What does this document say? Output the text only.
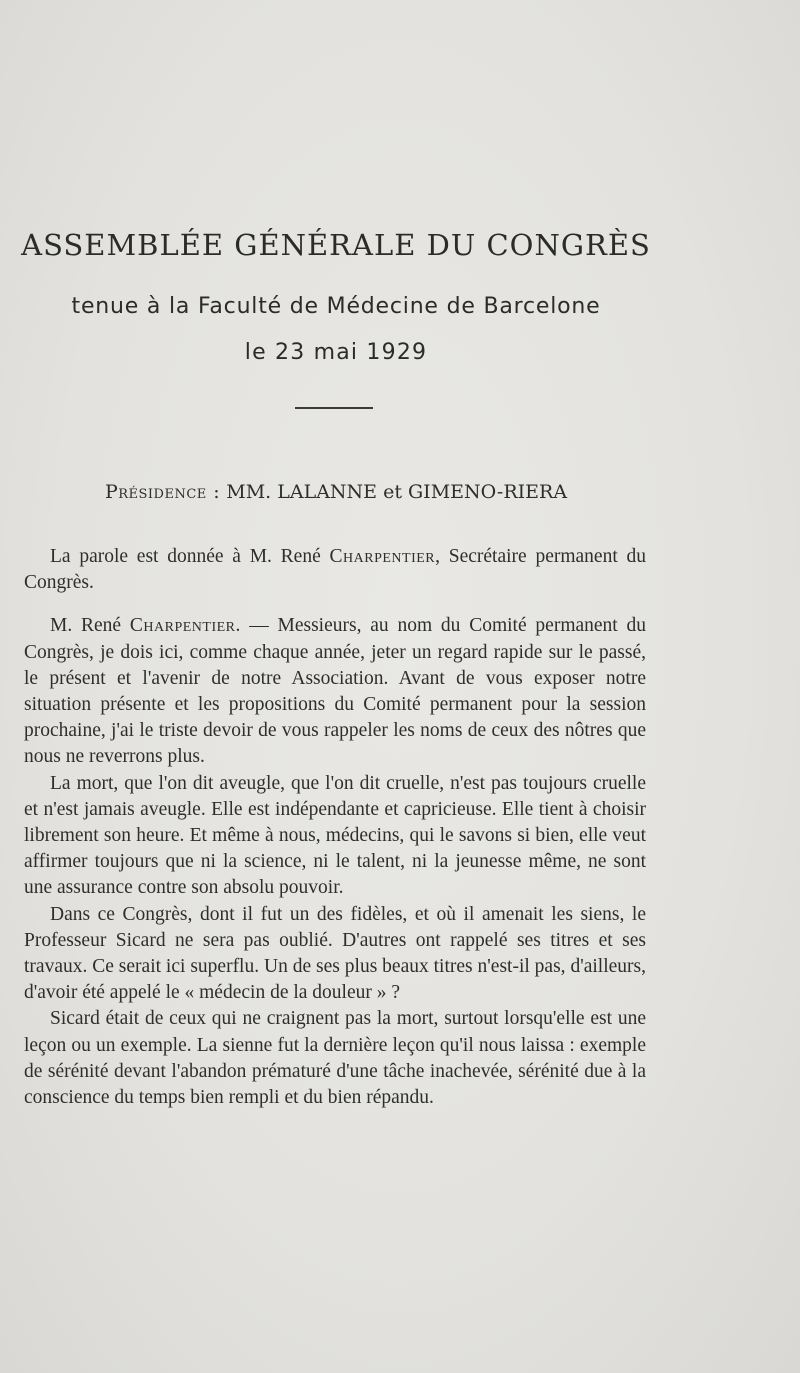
ASSEMBLÉE GÉNÉRALE DU CONGRÈS
tenue à la Faculté de Médecine de Barcelone
le 23 mai 1929
Présidence : MM. LALANNE et GIMENO-RIERA

La parole est donnée à M. René Charpentier, Secrétaire permanent du Congrès.

M. René Charpentier. — Messieurs, au nom du Comité permanent du Congrès, je dois ici, comme chaque année, jeter un regard rapide sur le passé, le présent et l'avenir de notre Association. Avant de vous exposer notre situation présente et les propositions du Comité permanent pour la session prochaine, j'ai le triste devoir de vous rappeler les noms de ceux des nôtres que nous ne reverrons plus.

La mort, que l'on dit aveugle, que l'on dit cruelle, n'est pas toujours cruelle et n'est jamais aveugle. Elle est indépendante et capricieuse. Elle tient à choisir librement son heure. Et même à nous, médecins, qui le savons si bien, elle veut affirmer toujours que ni la science, ni le talent, ni la jeunesse même, ne sont une assurance contre son absolu pouvoir.

Dans ce Congrès, dont il fut un des fidèles, et où il amenait les siens, le Professeur Sicard ne sera pas oublié. D'autres ont rappelé ses titres et ses travaux. Ce serait ici superflu. Un de ses plus beaux titres n'est-il pas, d'ailleurs, d'avoir été appelé le « médecin de la douleur » ?

Sicard était de ceux qui ne craignent pas la mort, surtout lorsqu'elle est une leçon ou un exemple. La sienne fut la dernière leçon qu'il nous laissa : exemple de sérénité devant l'abandon prématuré d'une tâche inachevée, sérénité due à la conscience du temps bien rempli et du bien répandu.
